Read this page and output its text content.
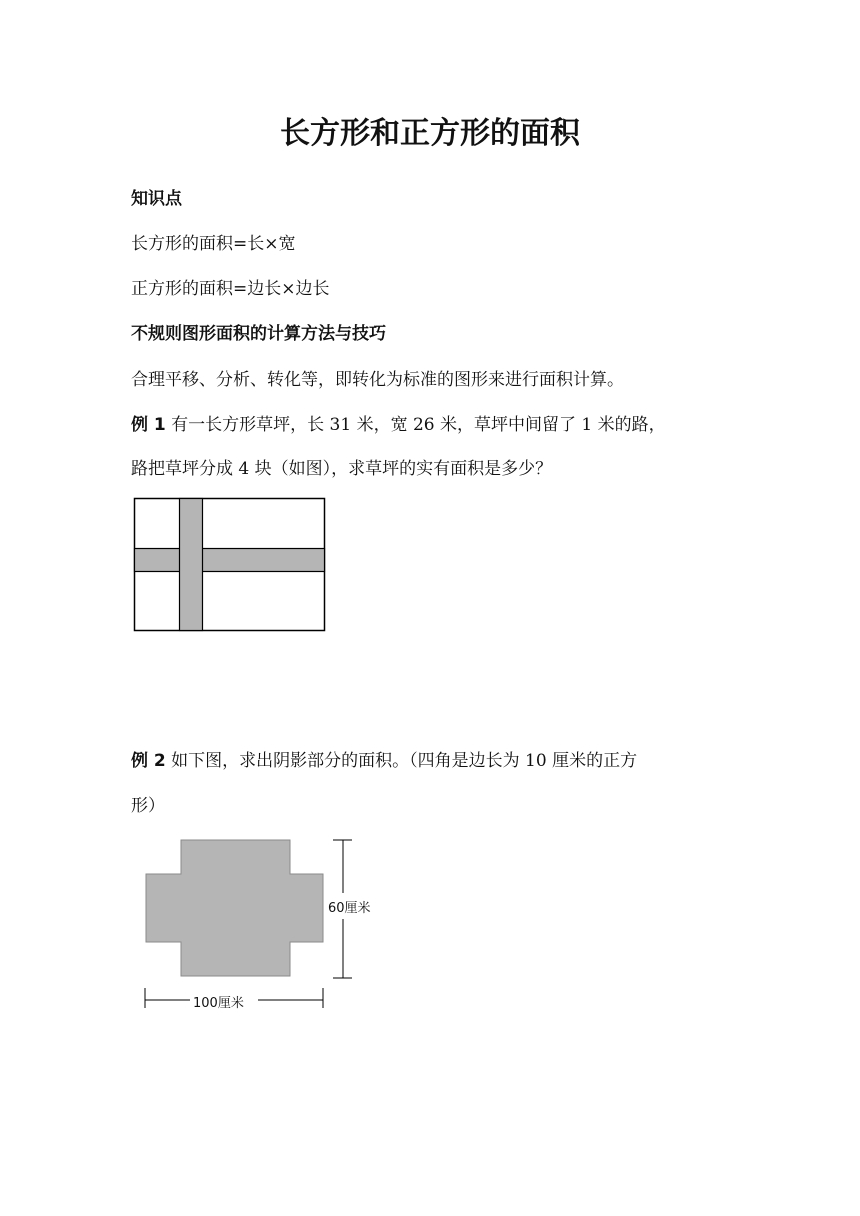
长方形和正方形的面积
知识点
长方形的面积=长×宽
正方形的面积=边长×边长
不规则图形面积的计算方法与技巧
合理平移、分析、转化等，即转化为标准的图形来进行面积计算。
例 1 有一长方形草坪，长 31 米，宽 26 米，草坪中间留了 1 米的路，
路把草坪分成 4 块（如图），求草坪的实有面积是多少？
60厘米
100厘米
例 2 如下图，求出阴影部分的面积。（四角是边长为 10 厘米的正方
形）
